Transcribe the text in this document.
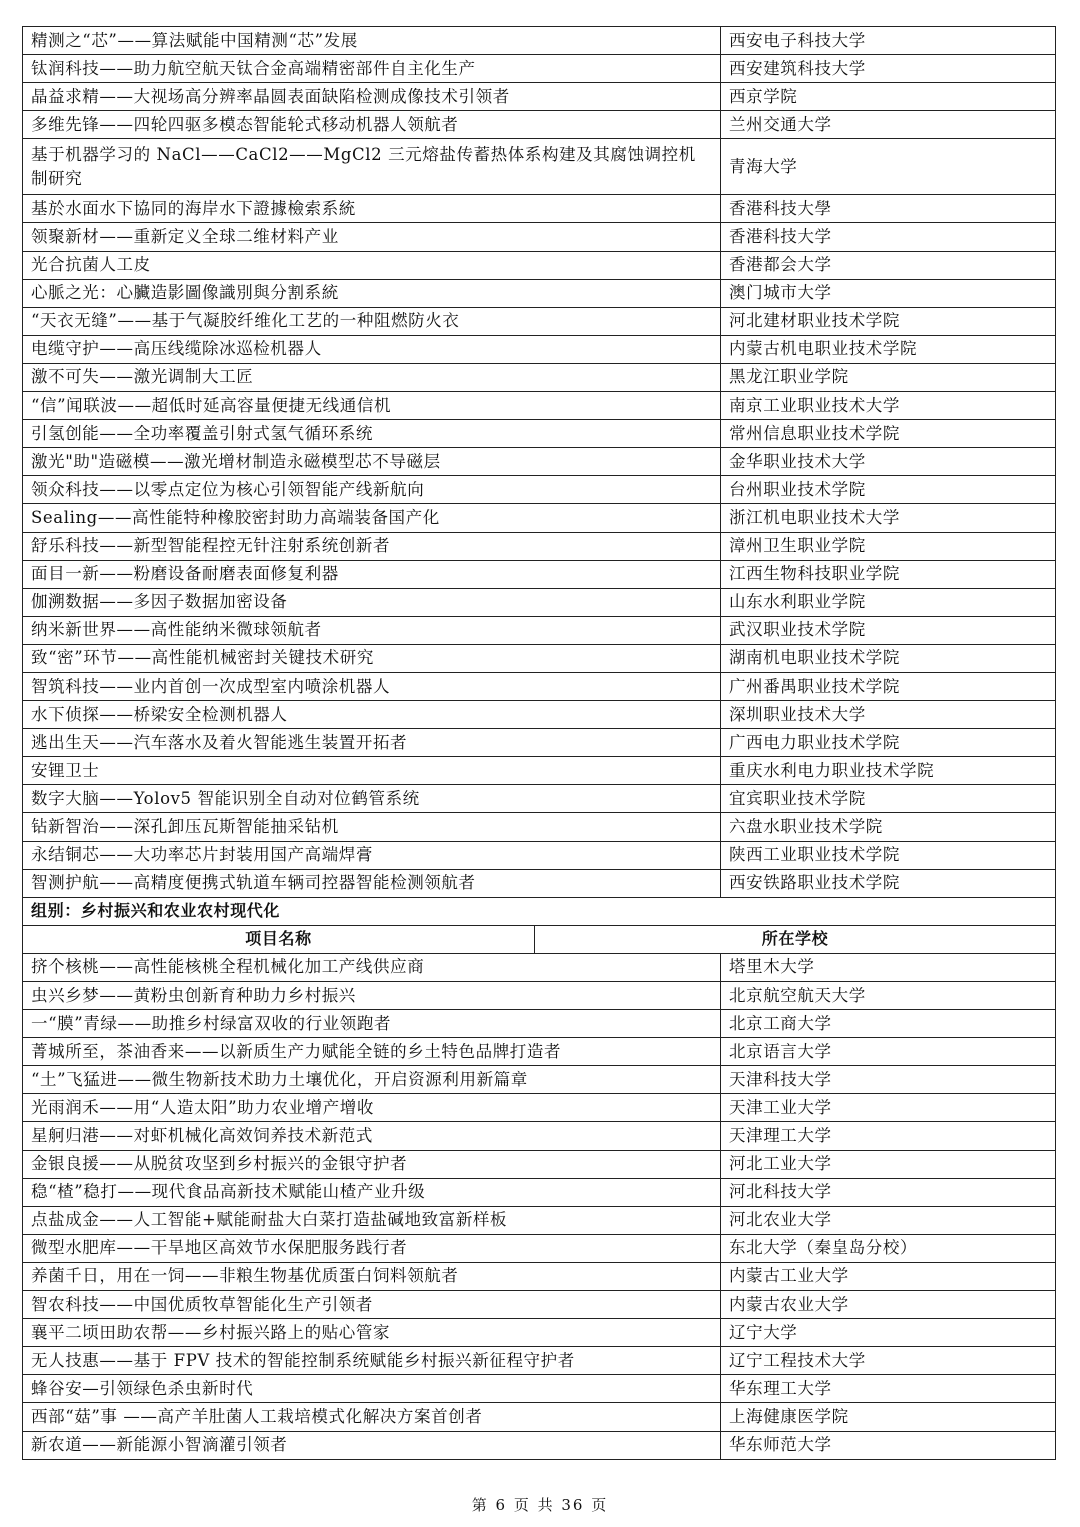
精测之“芯”——算法赋能中国精测“芯”发展		西安电子科技大学
钛润科技——助力航空航天钛合金高端精密部件自主化生产		西安建筑科技大学
晶益求精——大视场高分辨率晶圆表面缺陷检测成像技术引领者		西京学院
多维先锋——四轮四驱多模态智能轮式移动机器人领航者		兰州交通大学
基于机器学习的 NaCl——CaCl2——MgCl2 三元熔盐传蓄热体系构建及其腐蚀调控机制研究		青海大学
基於水面水下協同的海岸水下證據檢索系統		香港科技大學
领聚新材——重新定义全球二维材料产业		香港科技大学
光合抗菌人工皮		香港都会大学
心脈之光：心臟造影圖像識別與分割系統		澳门城市大学
“天衣无缝”——基于气凝胶纤维化工艺的一种阻燃防火衣		河北建材职业技术学院
电缆守护——高压线缆除冰巡检机器人		内蒙古机电职业技术学院
激不可失——激光调制大工匠		黑龙江职业学院
“信”闻联波——超低时延高容量便捷无线通信机		南京工业职业技术大学
引氢创能——全功率覆盖引射式氢气循环系统		常州信息职业技术学院
激光"助"造磁模——激光增材制造永磁模型芯不导磁层		金华职业技术大学
领众科技——以零点定位为核心引领智能产线新航向		台州职业技术学院
Sealing——高性能特种橡胶密封助力高端装备国产化		浙江机电职业技术大学
舒乐科技——新型智能程控无针注射系统创新者		漳州卫生职业学院
面目一新——粉磨设备耐磨表面修复利器		江西生物科技职业学院
伽溯数据——多因子数据加密设备		山东水利职业学院
纳米新世界——高性能纳米微球领航者		武汉职业技术学院
致“密”环节——高性能机械密封关键技术研究		湖南机电职业技术学院
智筑科技——业内首创一次成型室内喷涂机器人		广州番禺职业技术学院
水下侦探——桥梁安全检测机器人		深圳职业技术大学
逃出生天——汽车落水及着火智能逃生装置开拓者		广西电力职业技术学院
安锂卫士		重庆水利电力职业技术学院
数字大脑——Yolov5 智能识别全自动对位鹤管系统		宜宾职业技术学院
钻新智治——深孔卸压瓦斯智能抽采钻机		六盘水职业技术学院
永结铜芯——大功率芯片封装用国产高端焊膏		陕西工业职业技术学院
智测护航——高精度便携式轨道车辆司控器智能检测领航者		西安铁路职业技术学院
组别：乡村振兴和农业农村现代化		
项目名称	所在学校	
挤个核桃——高性能核桃全程机械化加工产线供应商		塔里木大学
虫兴乡梦——黄粉虫创新育种助力乡村振兴		北京航空航天大学
一“膜”青绿——助推乡村绿富双收的行业领跑者		北京工商大学
菁城所至，茶油香来——以新质生产力赋能全链的乡土特色品牌打造者		北京语言大学
“土”飞猛进——微生物新技术助力土壤优化，开启资源利用新篇章		天津科技大学
光雨润禾——用“人造太阳”助力农业增产增收		天津工业大学
星舸归港——对虾机械化高效饲养技术新范式		天津理工大学
金银良援——从脱贫攻坚到乡村振兴的金银守护者		河北工业大学
稳“楂”稳打——现代食品高新技术赋能山楂产业升级		河北科技大学
点盐成金——人工智能+赋能耐盐大白菜打造盐碱地致富新样板		河北农业大学
微型水肥库——干旱地区高效节水保肥服务践行者		东北大学（秦皇岛分校）
养菌千日，用在一饲——非粮生物基优质蛋白饲料领航者		内蒙古工业大学
智农科技——中国优质牧草智能化生产引领者		内蒙古农业大学
襄平二顷田助农帮——乡村振兴路上的贴心管家		辽宁大学
无人技惠——基于 FPV 技术的智能控制系统赋能乡村振兴新征程守护者		辽宁工程技术大学
蜂谷安—引领绿色杀虫新时代		华东理工大学
西部“菇”事 ——高产羊肚菌人工栽培模式化解决方案首创者		上海健康医学院
新农道——新能源小智滴灌引领者		华东师范大学
第 6 页 共 36 页
